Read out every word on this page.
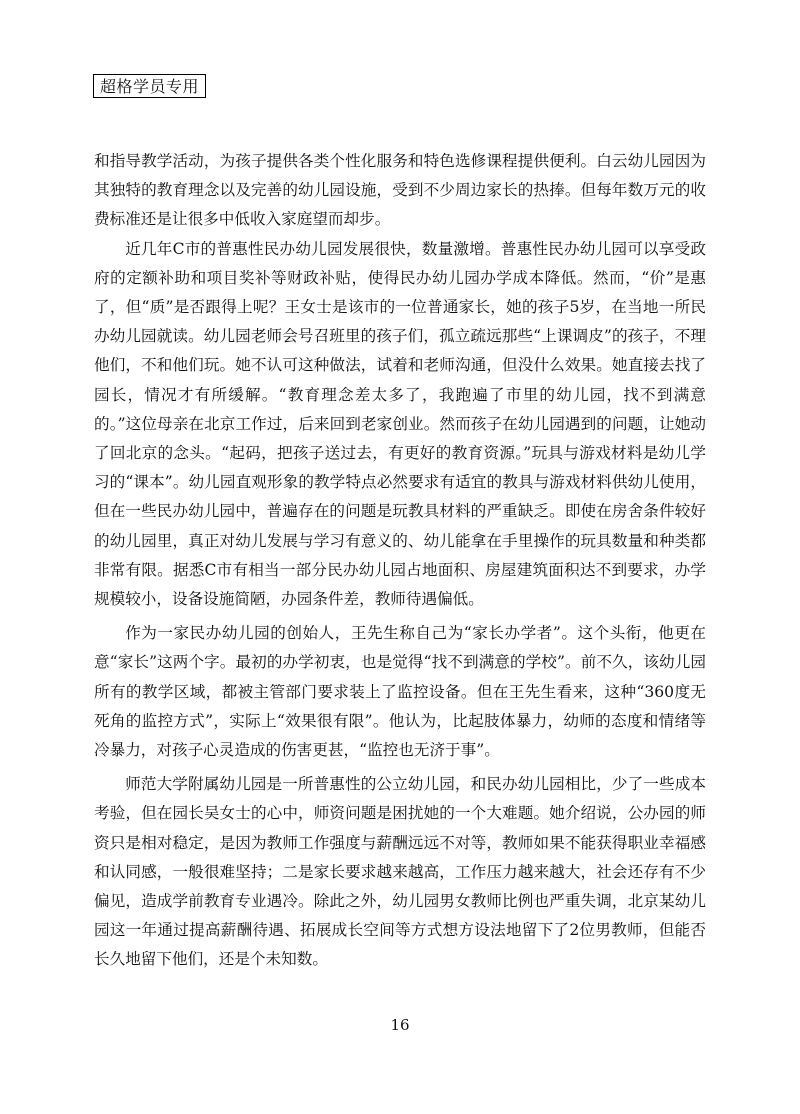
超格学员专用

和指导教学活动，为孩子提供各类个性化服务和特色选修课程提供便利。白云幼儿园因为其独特的教育理念以及完善的幼儿园设施，受到不少周边家长的热捧。但每年数万元的收费标准还是让很多中低收入家庭望而却步。

近几年C市的普惠性民办幼儿园发展很快，数量激增。普惠性民办幼儿园可以享受政府的定额补助和项目奖补等财政补贴，使得民办幼儿园办学成本降低。然而，“价”是惠了，但“质”是否跟得上呢？王女士是该市的一位普通家长，她的孩子5岁，在当地一所民办幼儿园就读。幼儿园老师会号召班里的孩子们，孤立疏远那些“上课调皮”的孩子，不理他们，不和他们玩。她不认可这种做法，试着和老师沟通，但没什么效果。她直接去找了园长，情况才有所缓解。“教育理念差太多了，我跑遍了市里的幼儿园，找不到满意的。”这位母亲在北京工作过，后来回到老家创业。然而孩子在幼儿园遇到的问题，让她动了回北京的念头。“起码，把孩子送过去，有更好的教育资源。”玩具与游戏材料是幼儿学习的“课本”。幼儿园直观形象的教学特点必然要求有适宜的教具与游戏材料供幼儿使用，但在一些民办幼儿园中，普遍存在的问题是玩教具材料的严重缺乏。即使在房舍条件较好的幼儿园里，真正对幼儿发展与学习有意义的、幼儿能拿在手里操作的玩具数量和种类都非常有限。据悉C市有相当一部分民办幼儿园占地面积、房屋建筑面积达不到要求，办学规模较小，设备设施简陋，办园条件差，教师待遇偏低。

作为一家民办幼儿园的创始人，王先生称自己为“家长办学者”。这个头衔，他更在意“家长”这两个字。最初的办学初衷，也是觉得“找不到满意的学校”。前不久，该幼儿园所有的教学区域，都被主管部门要求装上了监控设备。但在王先生看来，这种“360度无死角的监控方式”，实际上“效果很有限”。他认为，比起肢体暴力，幼师的态度和情绪等冷暴力，对孩子心灵造成的伤害更甚，“监控也无济于事”。

师范大学附属幼儿园是一所普惠性的公立幼儿园，和民办幼儿园相比，少了一些成本考验，但在园长吴女士的心中，师资问题是困扰她的一个大难题。她介绍说，公办园的师资只是相对稳定，是因为教师工作强度与薪酬远远不对等，教师如果不能获得职业幸福感和认同感，一般很难坚持；二是家长要求越来越高，工作压力越来越大，社会还存有不少偏见，造成学前教育专业遇冷。除此之外，幼儿园男女教师比例也严重失调，北京某幼儿园这一年通过提高薪酬待遇、拓展成长空间等方式想方设法地留下了2位男教师，但能否长久地留下他们，还是个未知数。

16
